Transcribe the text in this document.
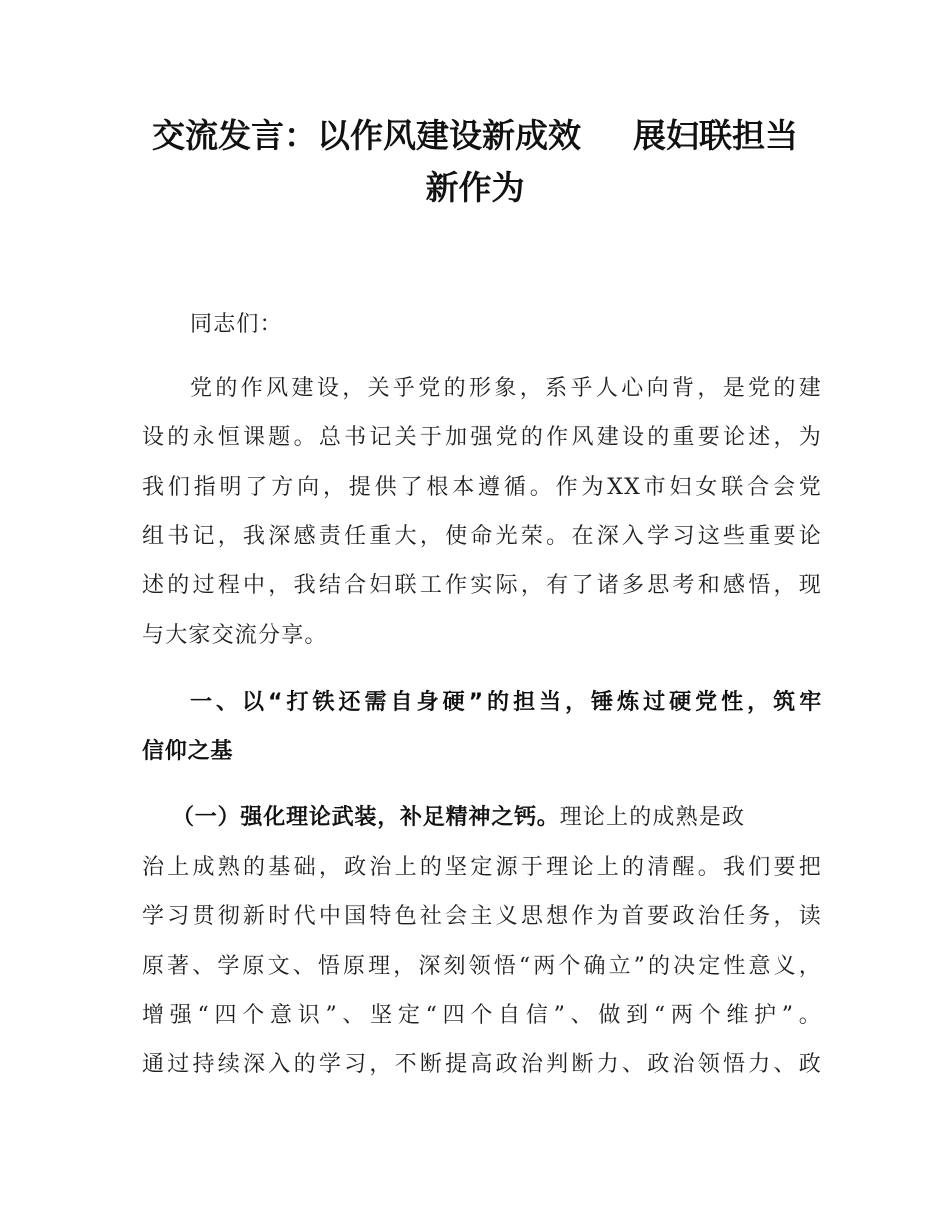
交流发言：以作风建设新成效 展妇联担当
新作为
同志们：
党的作风建设，关乎党的形象，系乎人心向背，是党的建
设的永恒课题。总书记关于加强党的作风建设的重要论述，为
我们指明了方向，提供了根本遵循。作为XX市妇女联合会党
组书记，我深感责任重大，使命光荣。在深入学习这些重要论
述的过程中，我结合妇联工作实际，有了诸多思考和感悟，现
与大家交流分享。
一、以“打铁还需自身硬”的担当，锤炼过硬党性，筑牢
信仰之基
（一）强化理论武装，补足精神之钙。理论上的成熟是政
治上成熟的基础，政治上的坚定源于理论上的清醒。我们要把
学习贯彻新时代中国特色社会主义思想作为首要政治任务，读
原著、学原文、悟原理，深刻领悟“两个确立”的决定性意义，
增强“四个意识”、坚定“四个自信”、做到“两个维护”。
通过持续深入的学习，不断提高政治判断力、政治领悟力、政
